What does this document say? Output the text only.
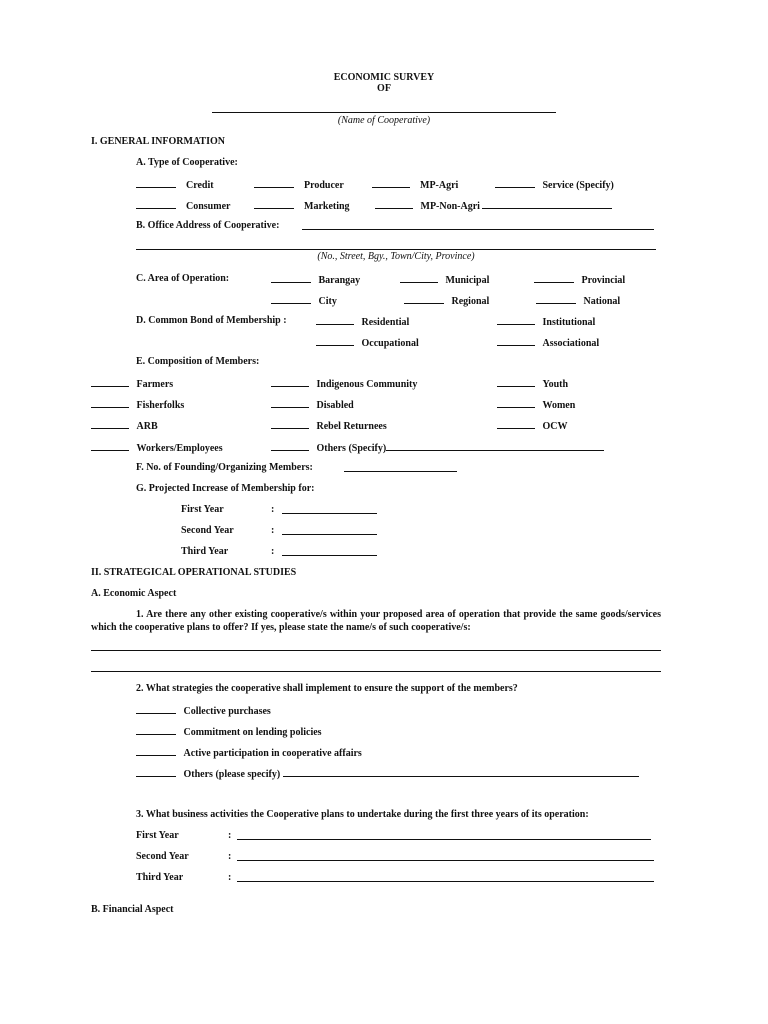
ECONOMIC SURVEY
OF
(Name of Cooperative)
I. GENERAL INFORMATION
A. Type of Cooperative:
Credit	Producer	MP-Agri	Service (Specify)
Consumer	Marketing	MP-Non-Agri
B. Office Address of Cooperative:
(No., Street, Bgy., Town/City, Province)
C. Area of Operation:	Barangay	Municipal	Provincial
City	Regional	National
D. Common Bond of Membership :	Residential	Institutional
Occupational	Associational
E. Composition of Members:
Farmers	Indigenous Community	Youth
Fisherfolks	Disabled	Women
ARB	Rebel Returnees	OCW
Workers/Employees	Others (Specify)
F. No. of Founding/Organizing Members:
G. Projected Increase of Membership for:
First Year	:
Second Year	:
Third Year	:
II. STRATEGICAL OPERATIONAL STUDIES
A. Economic Aspect
1. Are there any other existing cooperative/s within your proposed area of operation that provide the same goods/services which the cooperative plans to offer? If yes, please state the name/s of such cooperative/s:
2. What strategies the cooperative shall implement to ensure the support of the members?
Collective purchases
Commitment on lending policies
Active participation in cooperative affairs
Others (please specify)
3. What business activities the Cooperative plans to undertake during the first three years of its operation:
First Year	:
Second Year	:
Third Year	:
B. Financial Aspect
